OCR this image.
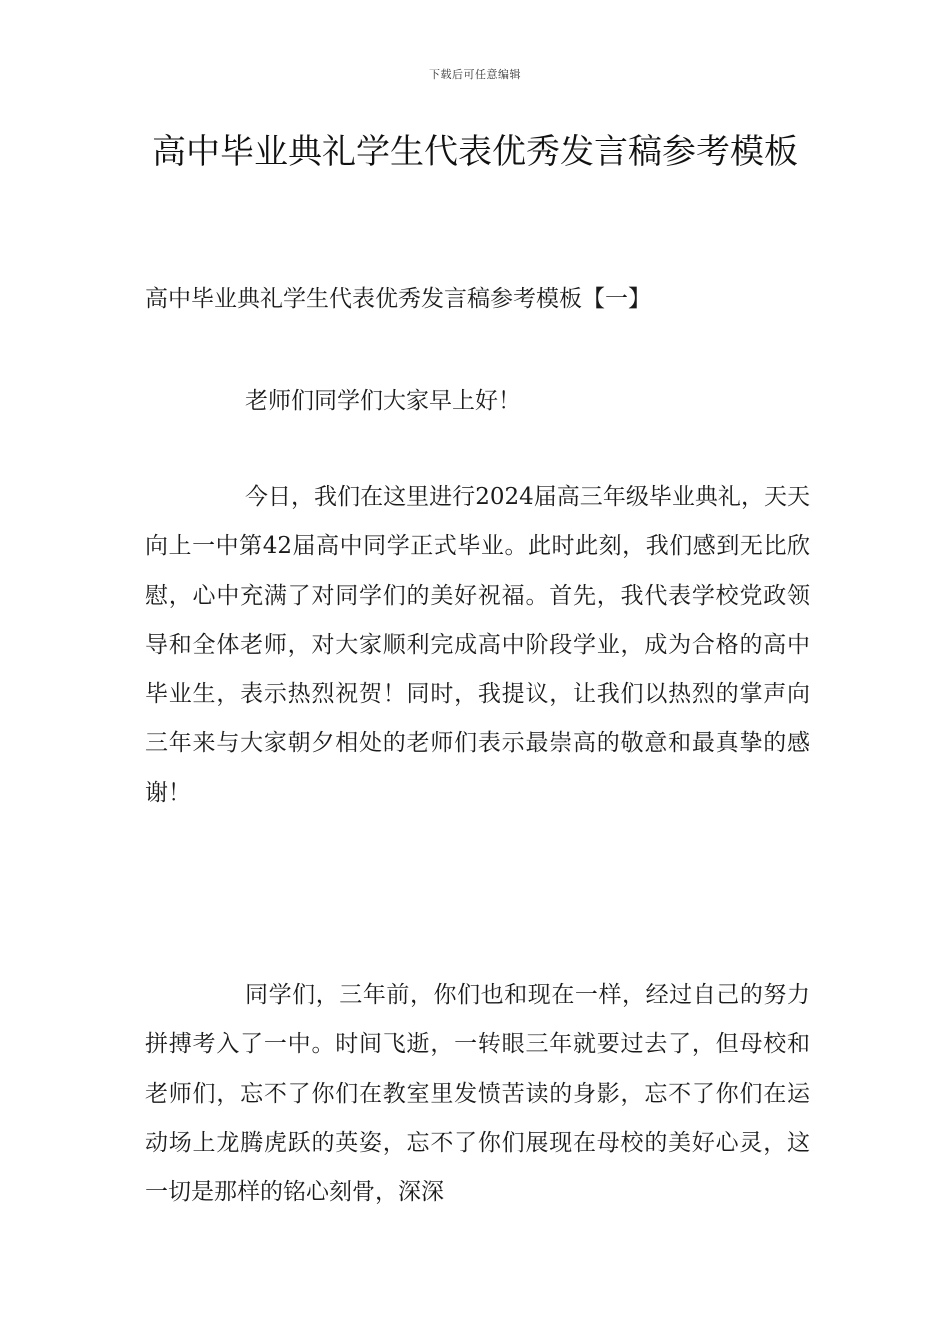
下载后可任意编辑
高中毕业典礼学生代表优秀发言稿参考模板
高中毕业典礼学生代表优秀发言稿参考模板【一】

老师们同学们大家早上好！

今日，我们在这里进行2024届高三年级毕业典礼，天天向上一中第42届高中同学正式毕业。此时此刻，我们感到无比欣慰，心中充满了对同学们的美好祝福。首先，我代表学校党政领导和全体老师，对大家顺利完成高中阶段学业，成为合格的高中毕业生，表示热烈祝贺！同时，我提议，让我们以热烈的掌声向三年来与大家朝夕相处的老师们表示最崇高的敬意和最真挚的感谢！

同学们，三年前，你们也和现在一样，经过自己的努力拼搏考入了一中。时间飞逝，一转眼三年就要过去了，但母校和老师们，忘不了你们在教室里发愤苦读的身影，忘不了你们在运动场上龙腾虎跃的英姿，忘不了你们展现在母校的美好心灵，这一切是那样的铭心刻骨，深深
